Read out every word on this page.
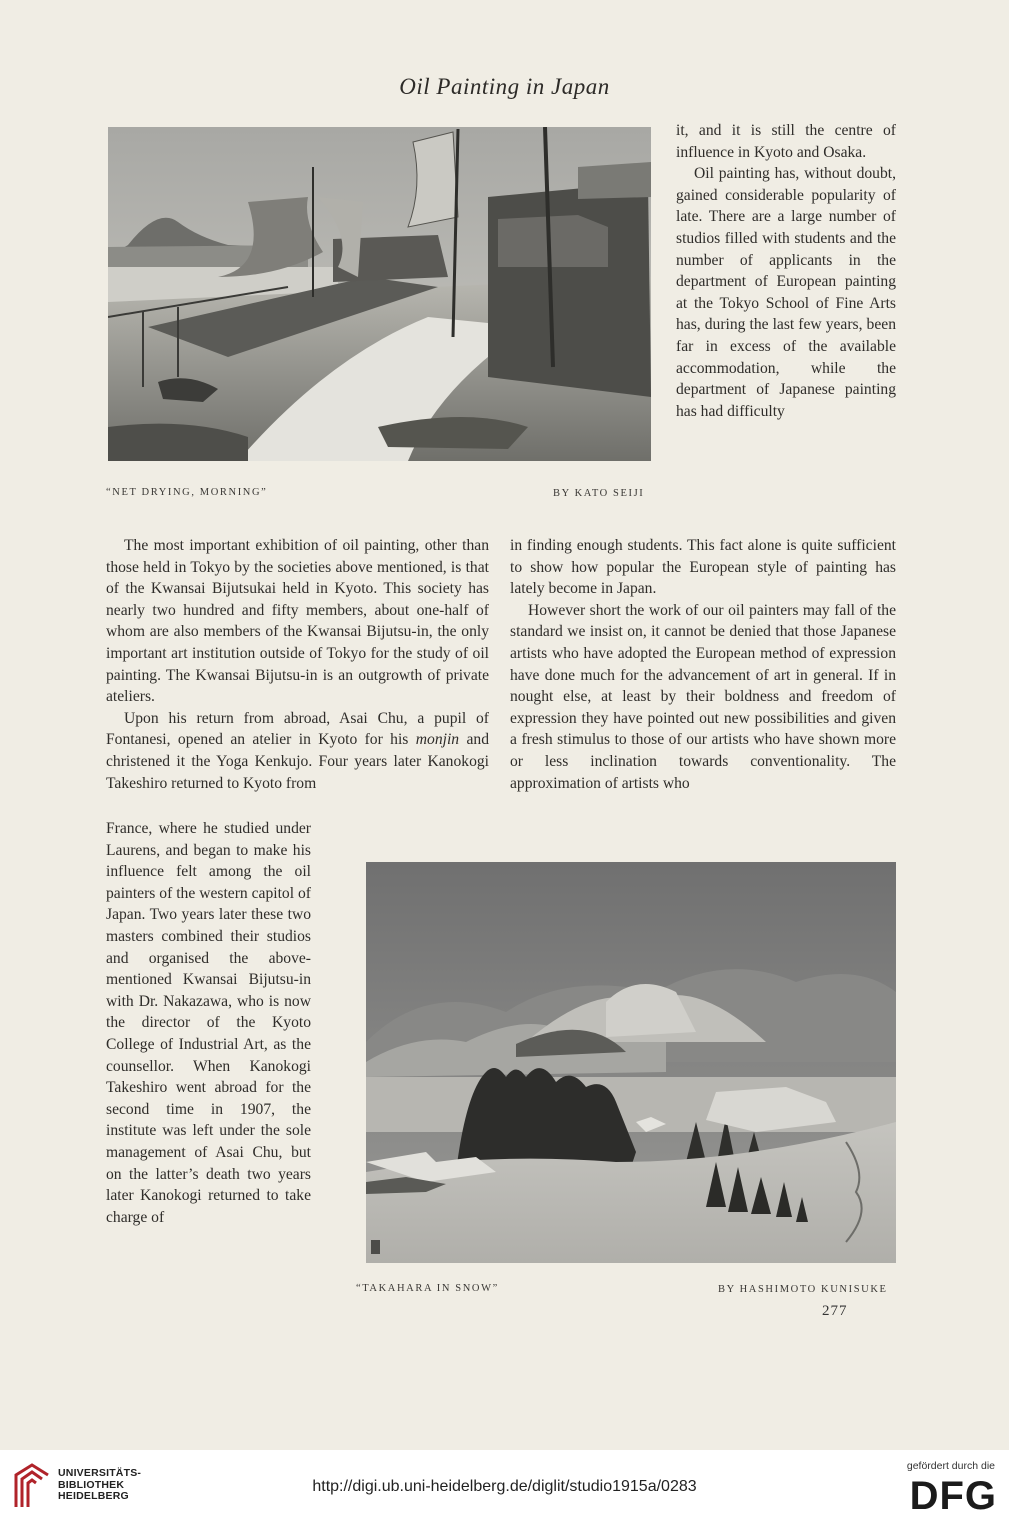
Oil Painting in Japan
“NET DRYING, MORNING”	BY KATO SEIJI

it, and it is still the centre of influence in Kyoto and Osaka.

Oil painting has, without doubt, gained considerable popularity of late. There are a large number of studios filled with students and the number of applicants in the department of European painting at the Tokyo School of Fine Arts has, during the last few years, been far in excess of the available accommodation, while the department of Japanese painting has had difficulty

The most important exhibition of oil painting, other than those held in Tokyo by the societies above mentioned, is that of the Kwansai Bijutsukai held in Kyoto. This society has nearly two hundred and fifty members, about one-half of whom are also members of the Kwansai Bijutsu-in, the only important art institution outside of Tokyo for the study of oil painting. The Kwansai Bijutsu-in is an outgrowth of private ateliers.

Upon his return from abroad, Asai Chu, a pupil of Fontanesi, opened an atelier in Kyoto for his monjin and christened it the Yoga Kenkujo. Four years later Kanokogi Takeshiro returned to Kyoto from

France, where he studied under Laurens, and began to make his influence felt among the oil painters of the western capitol of Japan. Two years later these two masters combined their studios and organised the above-mentioned Kwansai Bijutsu-in with Dr. Nakazawa, who is now the director of the Kyoto College of Industrial Art, as the counsellor. When Kanokogi Takeshiro went abroad for the second time in 1907, the institute was left under the sole management of Asai Chu, but on the latter’s death two years later Kanokogi returned to take charge of

in finding enough students. This fact alone is quite sufficient to show how popular the European style of painting has lately become in Japan.

However short the work of our oil painters may fall of the standard we insist on, it cannot be denied that those Japanese artists who have adopted the European method of expression have done much for the advancement of art in general. If in nought else, at least by their boldness and freedom of expression they have pointed out new possibilities and given a fresh stimulus to those of our artists who have shown more or less inclination towards conventionality. The approximation of artists who

“TAKAHARA IN SNOW”	BY HASHIMOTO KUNISUKE
277
UNIVERSITÄTS-
BIBLIOTHEK
HEIDELBERG
http://digi.ub.uni-heidelberg.de/diglit/studio1915a/0283
gefördert durch die
DFG
